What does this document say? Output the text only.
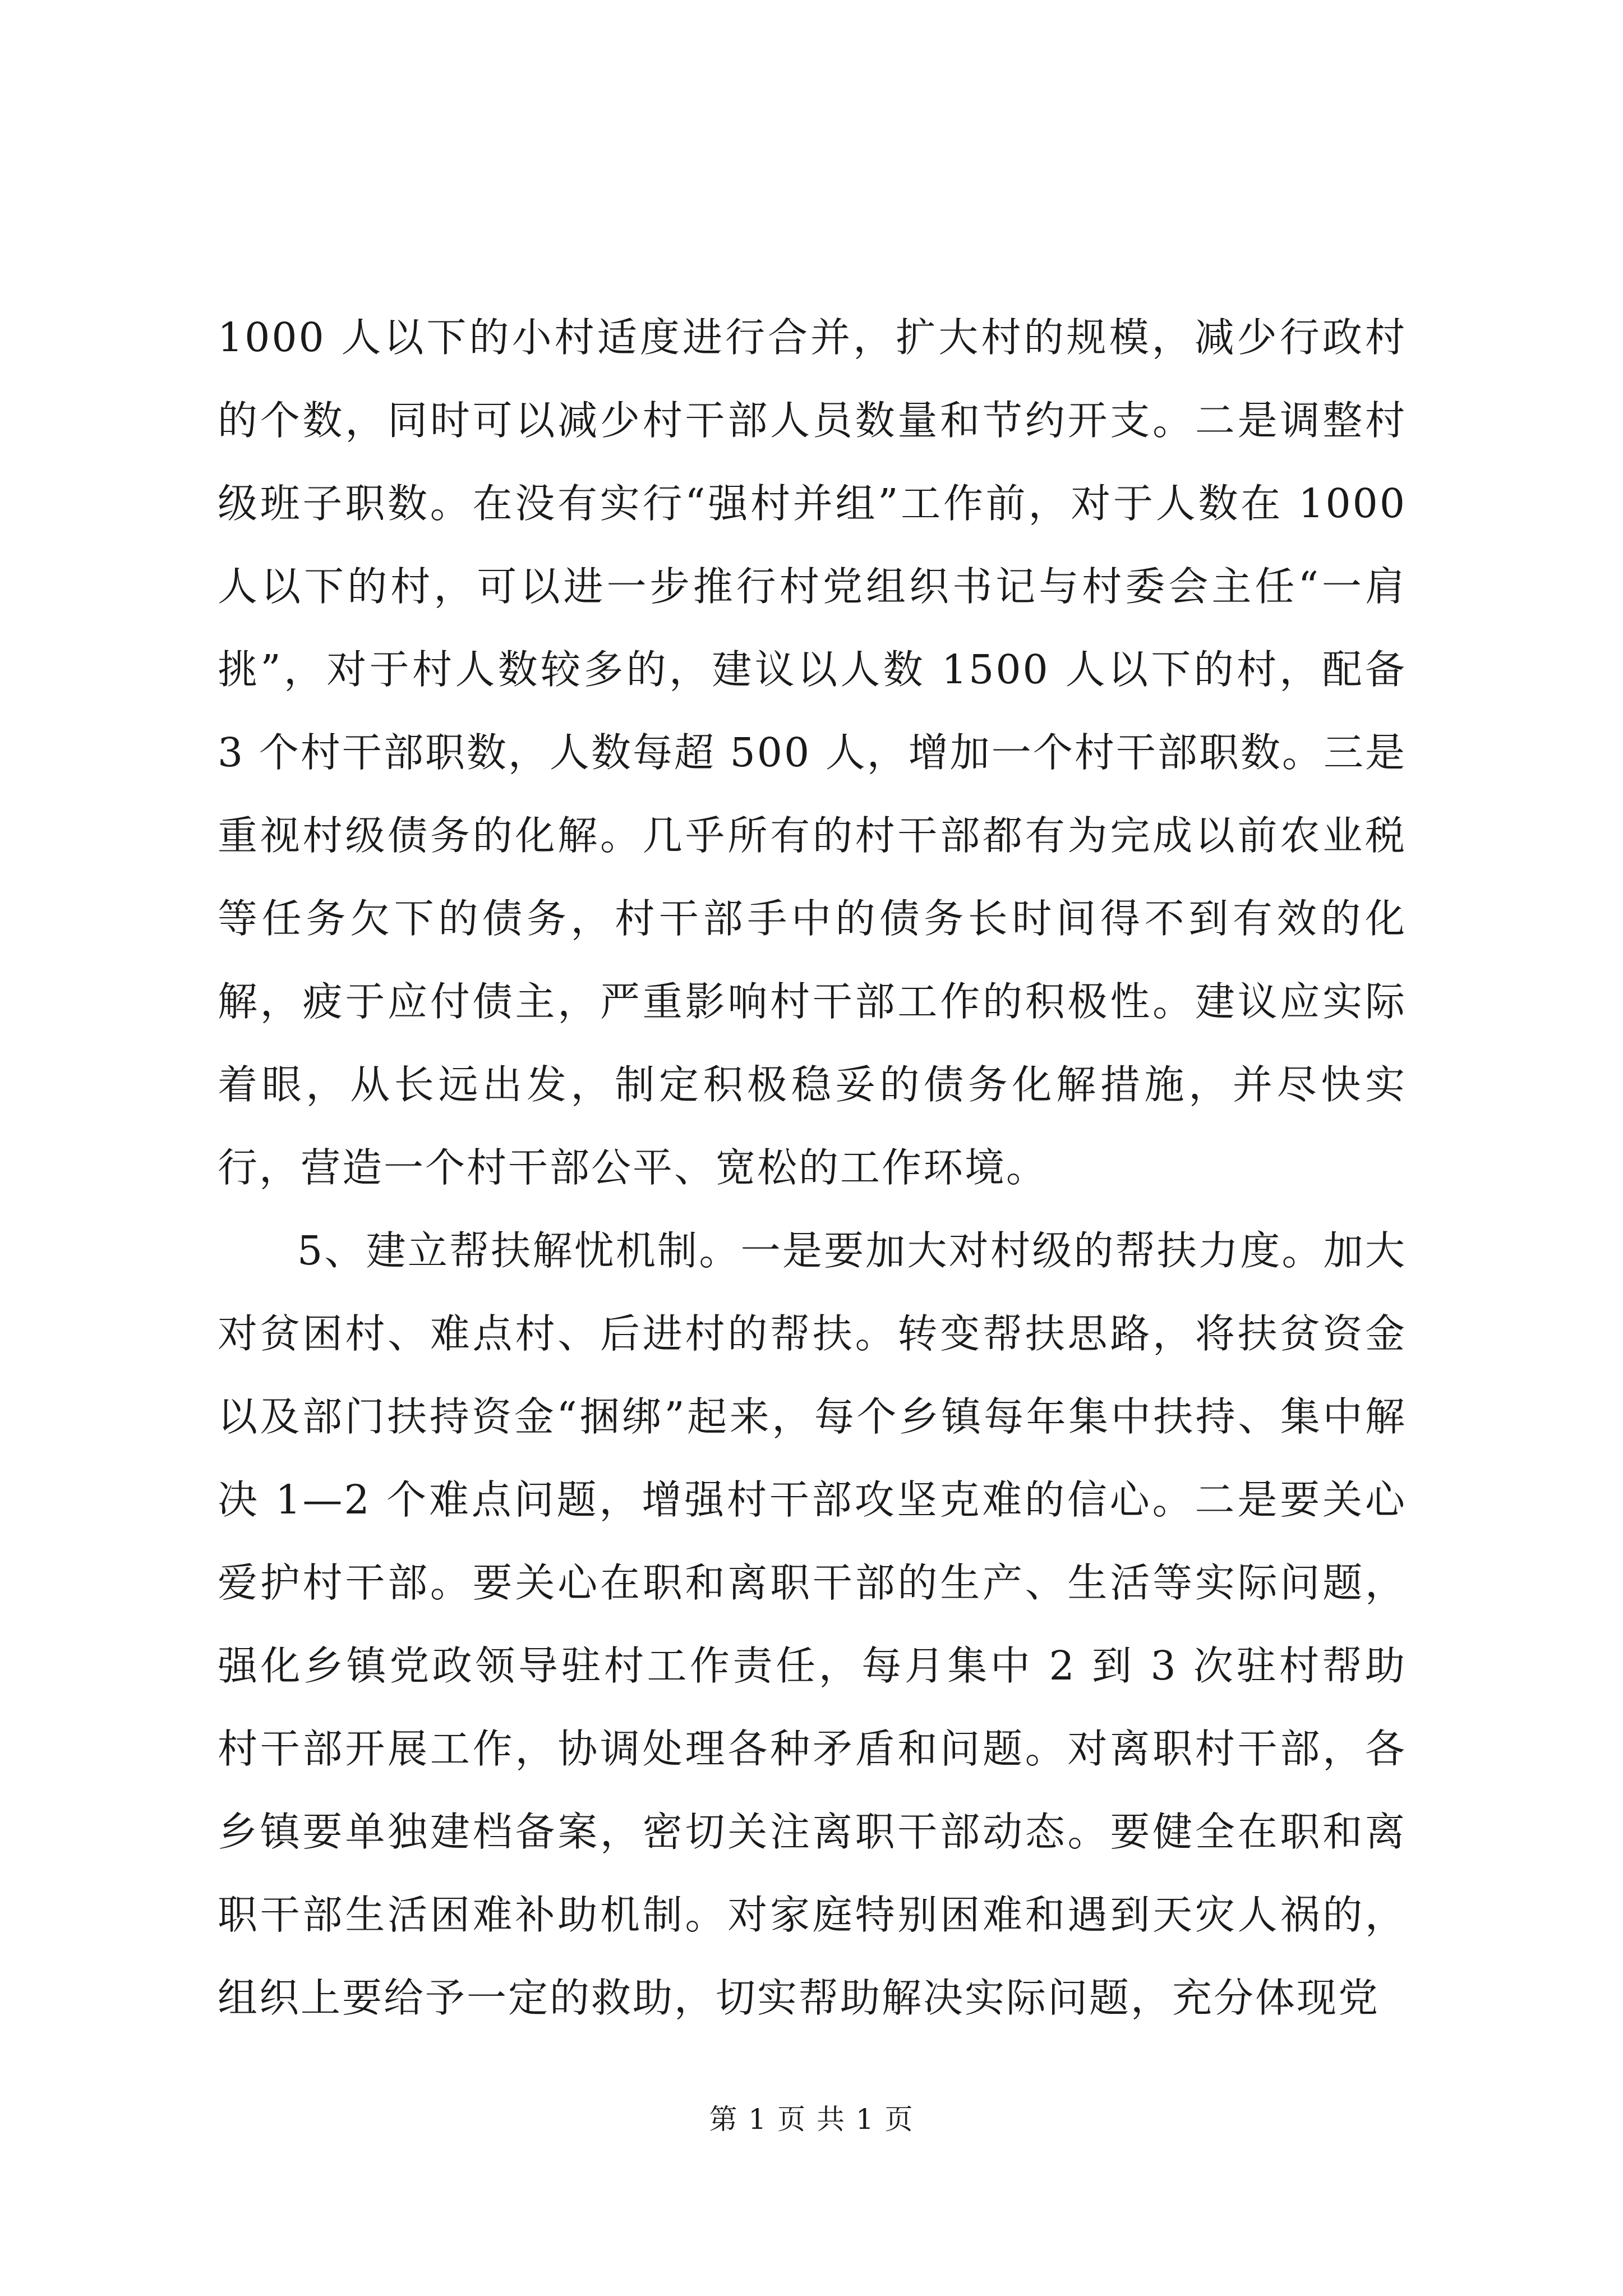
1000 人以下的小村适度进行合并，扩大村的规模，减少行政村的个数，同时可以减少村干部人员数量和节约开支。二是调整村级班子职数。在没有实行“强村并组”工作前，对于人数在 1000 人以下的村，可以进一步推行村党组织书记与村委会主任“一肩挑”，对于村人数较多的，建议以人数 1500 人以下的村，配备 3 个村干部职数，人数每超 500 人，增加一个村干部职数。三是重视村级债务的化解。几乎所有的村干部都有为完成以前农业税等任务欠下的债务，村干部手中的债务长时间得不到有效的化解，疲于应付债主，严重影响村干部工作的积极性。建议应实际着眼，从长远出发，制定积极稳妥的债务化解措施，并尽快实行，营造一个村干部公平、宽松的工作环境。

5、建立帮扶解忧机制。一是要加大对村级的帮扶力度。加大对贫困村、难点村、后进村的帮扶。转变帮扶思路，将扶贫资金以及部门扶持资金“捆绑”起来，每个乡镇每年集中扶持、集中解决 1—2 个难点问题，增强村干部攻坚克难的信心。二是要关心爱护村干部。要关心在职和离职干部的生产、生活等实际问题，强化乡镇党政领导驻村工作责任，每月集中 2 到 3 次驻村帮助村干部开展工作，协调处理各种矛盾和问题。对离职村干部，各乡镇要单独建档备案，密切关注离职干部动态。要健全在职和离职干部生活困难补助机制。对家庭特别困难和遇到天灾人祸的，组织上要给予一定的救助，切实帮助解决实际问题，充分体现党

第 1 页 共 1 页
